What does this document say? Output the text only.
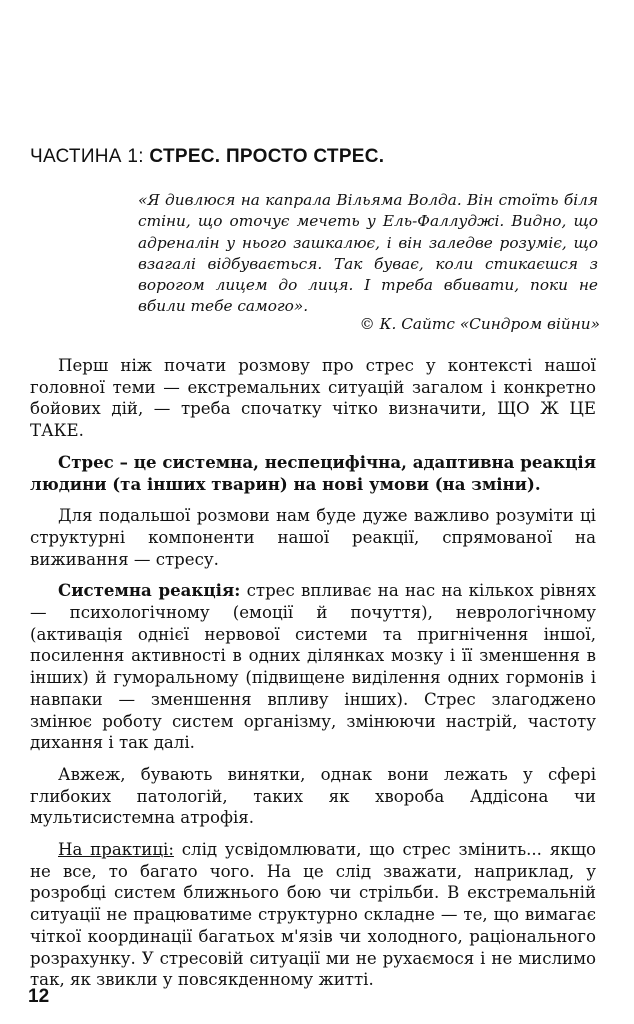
ЧАСТИНА 1: СТРЕС. ПРОСТО СТРЕС.

«Я дивлюся на капрала Вільяма Волда. Він стоїть біля стіни, що оточує мечеть у Ель-Фаллуджі. Видно, що адреналін у нього зашкалює, і він заледве розуміє, що взагалі відбувається. Так буває, коли стикаєшся з ворогом лицем до лиця. І треба вбивати, поки не вбили тебе самого».

© К. Сайтс «Синдром війни»

Перш ніж почати розмову про стрес у контексті нашої головної теми — екстремальних ситуацій загалом і конкретно бойових дій, — треба спочатку чітко визначити, ЩО Ж ЦЕ ТАКЕ.

Стрес – це системна, неспецифічна, адаптивна реакція людини (та інших тварин) на нові умови (на зміни).

Для подальшої розмови нам буде дуже важливо розуміти ці структурні компоненти нашої реакції, спрямованої на виживання — стресу.

Системна реакція: стрес впливає на нас на кількох рівнях — психологічному (емоції й почуття), неврологічному (активація однієї нервової системи та пригнічення іншої, посилення активності в одних ділянках мозку і її зменшення в інших) й гуморальному (підвищене виділення одних гормонів і навпаки — зменшення впливу інших). Стрес злагоджено змінює роботу систем організму, змінюючи настрій, частоту дихання і так далі.

Авжеж, бувають винятки, однак вони лежать у сфері глибоких патологій, таких як хвороба Аддісона чи мультисистемна атрофія.

На практиці: слід усвідомлювати, що стрес змінить... якщо не все, то багато чого. На це слід зважати, наприклад, у розробці систем ближнього бою чи стрільби. В екстремальній ситуації не працюватиме структурно складне — те, що вимагає чіткої координації багатьох м'язів чи холодного, раціонального розрахунку. У стресовій ситуації ми не рухаємося і не мислимо так, як звикли у повсякденному житті.

12
